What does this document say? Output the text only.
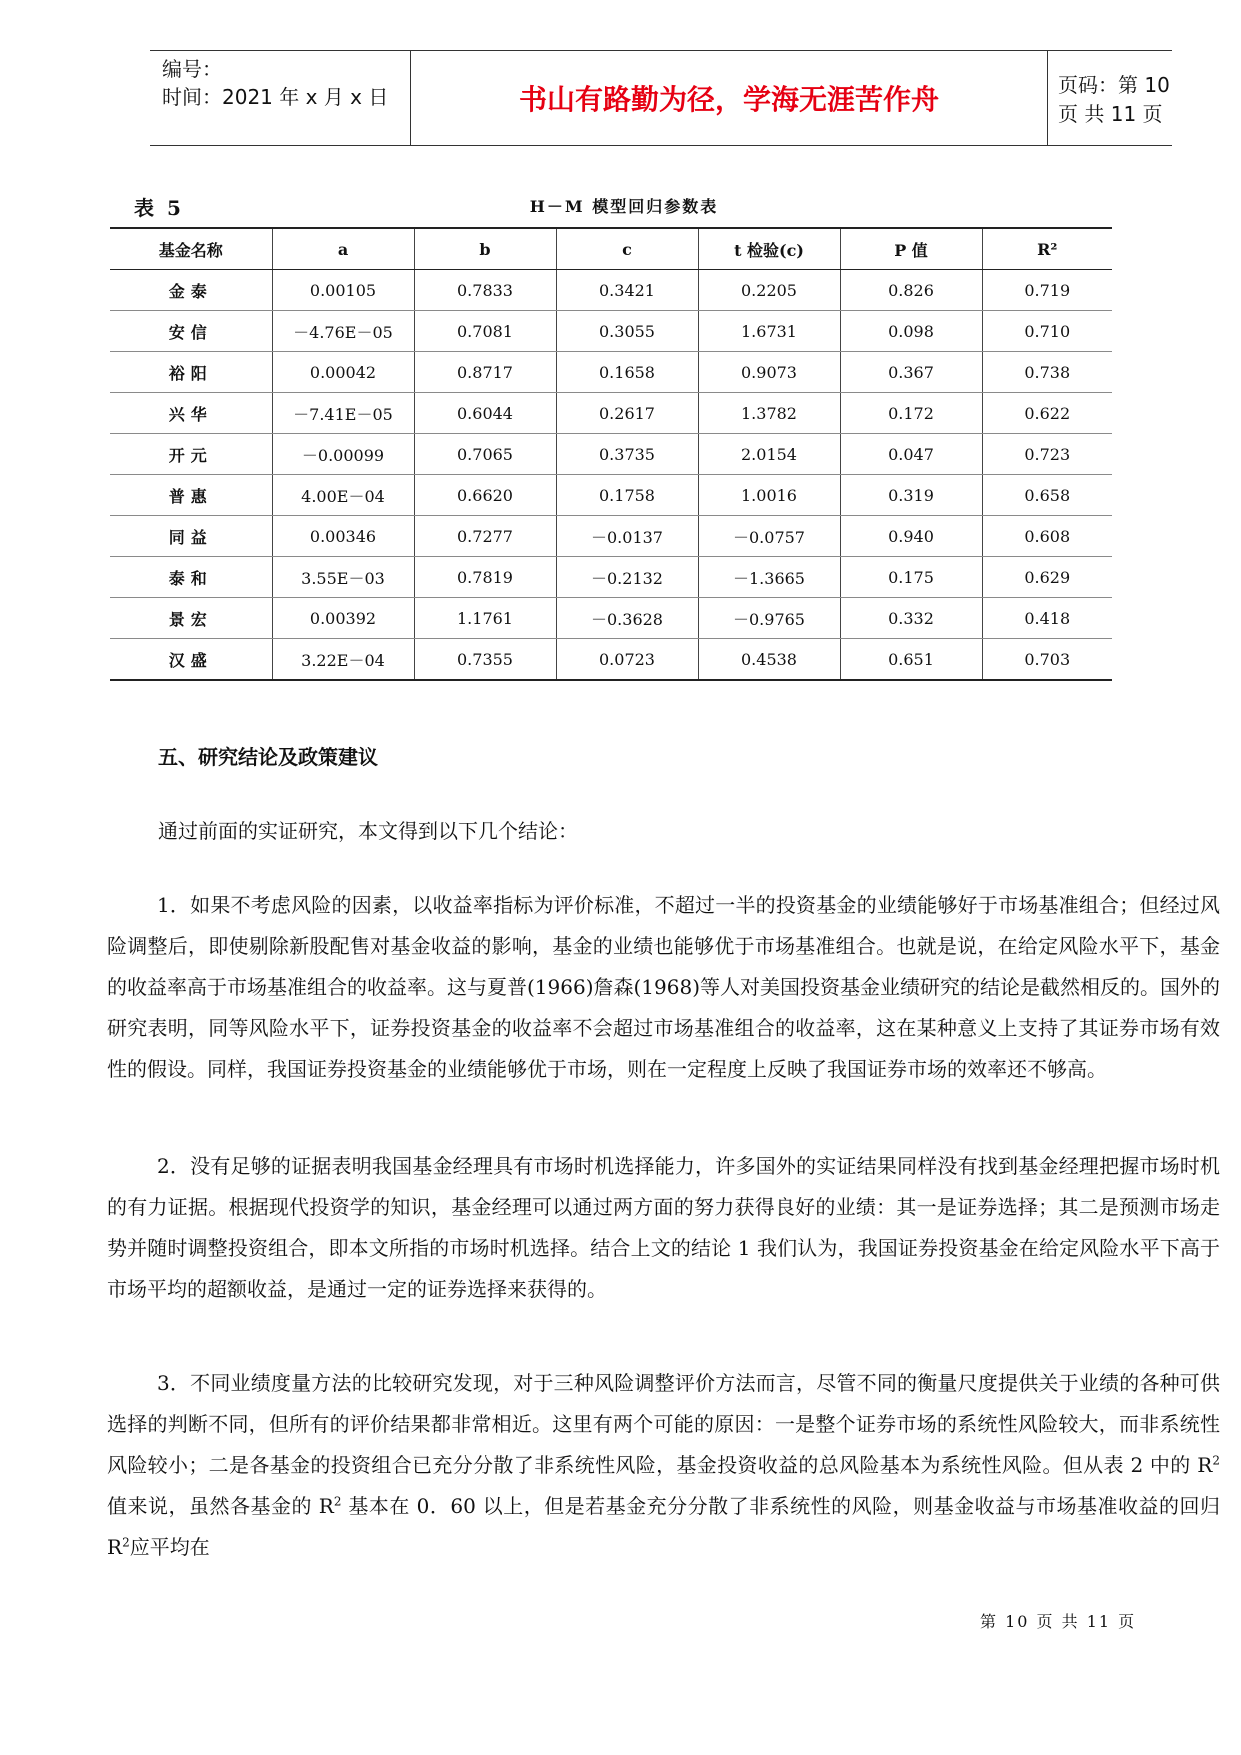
编号：
时间：2021 年 x 月 x 日	书山有路勤为径，学海无涯苦作舟	页码：第 10 页 共 11 页
表 5	H－M 模型回归参数表
基金名称	a	b	c	t 检验(c)	P 值	R²
金泰	0.00105	0.7833	0.3421	0.2205	0.826	0.719
安信	－4.76E－05	0.7081	0.3055	1.6731	0.098	0.710
裕阳	0.00042	0.8717	0.1658	0.9073	0.367	0.738
兴华	－7.41E－05	0.6044	0.2617	1.3782	0.172	0.622
开元	－0.00099	0.7065	0.3735	2.0154	0.047	0.723
普惠	4.00E－04	0.6620	0.1758	1.0016	0.319	0.658
同益	0.00346	0.7277	－0.0137	－0.0757	0.940	0.608
泰和	3.55E－03	0.7819	－0.2132	－1.3665	0.175	0.629
景宏	0.00392	1.1761	－0.3628	－0.9765	0.332	0.418
汉盛	3.22E－04	0.7355	0.0723	0.4538	0.651	0.703
五、研究结论及政策建议
通过前面的实证研究，本文得到以下几个结论：

1．如果不考虑风险的因素，以收益率指标为评价标准，不超过一半的投资基金的业绩能够好于市场基准组合；但经过风险调整后，即使剔除新股配售对基金收益的影响，基金的业绩也能够优于市场基准组合。也就是说，在给定风险水平下，基金的收益率高于市场基准组合的收益率。这与夏普(1966)詹森(1968)等人对美国投资基金业绩研究的结论是截然相反的。国外的研究表明，同等风险水平下，证券投资基金的收益率不会超过市场基准组合的收益率，这在某种意义上支持了其证券市场有效性的假设。同样，我国证券投资基金的业绩能够优于市场，则在一定程度上反映了我国证券市场的效率还不够高。

2．没有足够的证据表明我国基金经理具有市场时机选择能力，许多国外的实证结果同样没有找到基金经理把握市场时机的有力证据。根据现代投资学的知识，基金经理可以通过两方面的努力获得良好的业绩：其一是证券选择；其二是预测市场走势并随时调整投资组合，即本文所指的市场时机选择。结合上文的结论 1 我们认为，我国证券投资基金在给定风险水平下高于市场平均的超额收益，是通过一定的证券选择来获得的。

3．不同业绩度量方法的比较研究发现，对于三种风险调整评价方法而言，尽管不同的衡量尺度提供关于业绩的各种可供选择的判断不同，但所有的评价结果都非常相近。这里有两个可能的原因：一是整个证券市场的系统性风险较大，而非系统性风险较小；二是各基金的投资组合已充分分散了非系统性风险，基金投资收益的总风险基本为系统性风险。但从表 2 中的 $R^2$ 值来说，虽然各基金的 $R^2$ 基本在 0．60 以上，但是若基金充分分散了非系统性的风险，则基金收益与市场基准收益的回归 $R^2$应平均在

第 10 页 共 11 页
